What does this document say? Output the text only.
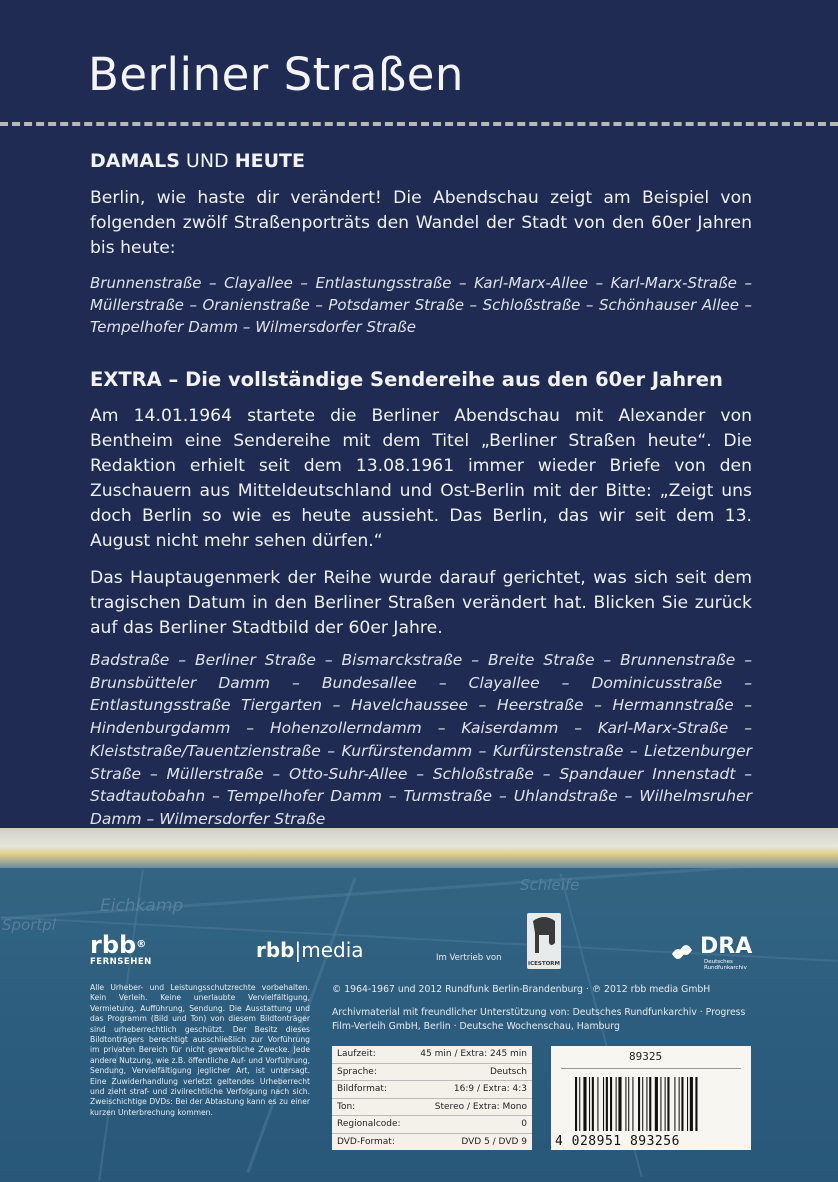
Berliner Straßen
DAMALS UND HEUTE
Berlin, wie haste dir verändert! Die Abendschau zeigt am Beispiel von folgenden zwölf Straßenporträts den Wandel der Stadt von den 60er Jahren bis heute:
Brunnenstraße – Clayallee – Entlastungsstraße – Karl-Marx-Allee – Karl-Marx-Straße – Müllerstraße – Oranienstraße – Potsdamer Straße – Schloßstraße – Schönhauser Allee – Tempelhofer Damm – Wilmersdorfer Straße
EXTRA – Die vollständige Sendereihe aus den 60er Jahren
Am 14.01.1964 startete die Berliner Abendschau mit Alexander von Bentheim eine Sendereihe mit dem Titel „Berliner Straßen heute“. Die Redaktion erhielt seit dem 13.08.1961 immer wieder Briefe von den Zuschauern aus Mitteldeutschland und Ost-Berlin mit der Bitte: „Zeigt uns doch Berlin so wie es heute aussieht. Das Berlin, das wir seit dem 13. August nicht mehr sehen dürfen.“
Das Hauptaugenmerk der Reihe wurde darauf gerichtet, was sich seit dem tragischen Datum in den Berliner Straßen verändert hat. Blicken Sie zurück auf das Berliner Stadtbild der 60er Jahre.
Badstraße – Berliner Straße – Bismarckstraße – Breite Straße – Brunnenstraße – Brunsbütteler Damm – Bundesallee – Clayallee – Dominicusstraße – Entlastungsstraße Tiergarten – Havelchaussee – Heerstraße – Hermannstraße – Hindenburgdamm – Hohenzollerndamm – Kaiserdamm – Karl-Marx-Straße – Kleiststraße/Tauentzienstraße – Kurfürstendamm – Kurfürstenstraße – Lietzenburger Straße – Müllerstraße – Otto-Suhr-Allee – Schloßstraße – Spandauer Innenstadt – Stadtautobahn – Tempelhofer Damm – Turmstraße – Uhlandstraße – Wilhelmsruher Damm – Wilmersdorfer Straße
Schleife
Eichkamp
Sportpl
rbb®
FERNSEHEN	rbb|media	Im Vertrieb von
ICESTORM
DRA
Deutsches
Rundfunkarchiv
Alle Urheber- und Leistungsschutzrechte vorbehalten. Kein Verleih. Keine unerlaubte Vervielfältigung, Vermietung, Aufführung, Sendung. Die Ausstattung und das Programm (Bild und Ton) von diesem Bildtonträger sind urheberrechtlich geschützt. Der Besitz dieses Bildtonträgers berechtigt ausschließlich zur Vorführung im privaten Bereich für nicht gewerbliche Zwecke. Jede andere Nutzung, wie z.B. öffentliche Auf- und Vorführung, Sendung, Vervielfältigung jeglicher Art, ist untersagt. Eine Zuwiderhandlung verletzt geltendes Urheberrecht und zieht straf- und zivilrechtliche Verfolgung nach sich. Zweischichtige DVDs: Bei der Abtastung kann es zu einer kurzen Unterbrechung kommen.
© 1964-1967 und 2012 Rundfunk Berlin-Brandenburg · ℗ 2012 rbb media GmbH
Archivmaterial mit freundlicher Unterstützung von: Deutsches Rundfunkarchiv · Progress Film-Verleih GmbH, Berlin · Deutsche Wochenschau, Hamburg
Laufzeit:	45 min / Extra: 245 min
Sprache:	Deutsch
Bildformat:	16:9 / Extra: 4:3
Ton:	Stereo / Extra: Mono
Regionalcode:	0
DVD-Format:	DVD 5 / DVD 9
89325
4 028951 893256
